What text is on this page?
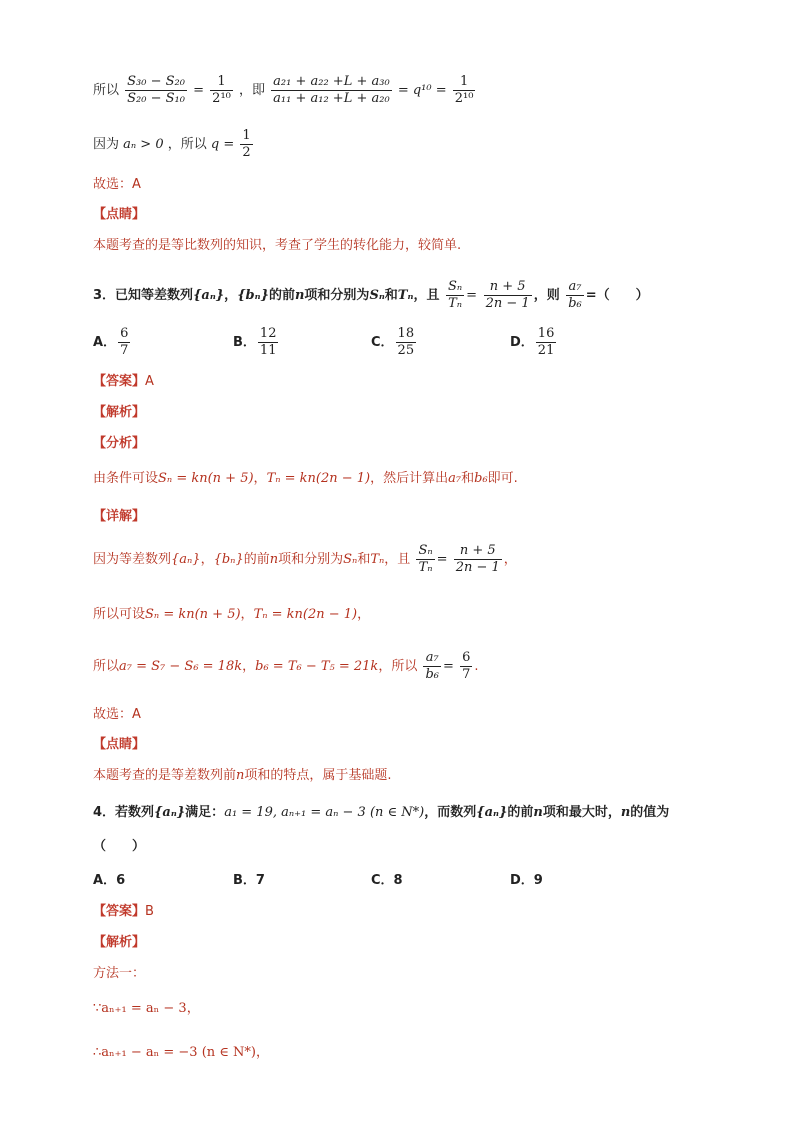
所以 $\frac{\text{S₃₀ − S₂₀}}{\text{S₂₀ − S₁₀}} = \frac{1}{\text{2¹⁰}}$ ，即 $\frac{\text{a₂₁ + a₂₂ +L + a₃₀}}{\text{a₁₁ + a₁₂ +L + a₂₀}} = q^{10} = \frac{1}{\text{2¹⁰}}$
因为 aₙ > 0 ，所以 $q = \frac{1}{2}$
故选：A
【点睛】
本题考查的是等比数列的知识，考查了学生的转化能力，较简单.
3．已知等差数列{aₙ}，{bₙ}的前n项和分别为Sₙ和Tₙ，且 $\frac{\text{Sₙ}}{\text{Tₙ}} = \frac{n + 5}{2n - 1}$ ，则 $\frac{\text{a₇}}{\text{b₆}}$ =（　　）
A． $\frac{6}{7}$	B． $\frac{12}{11}$	C． $\frac{18}{25}$	D． $\frac{16}{21}$
【答案】A
【解析】
【分析】
由条件可设Sₙ = kn(n + 5)，Tₙ = kn(2n − 1)，然后计算出a₇和b₆即可.
【详解】
因为等差数列{aₙ}，{bₙ}的前n项和分别为Sₙ和Tₙ，且 $\frac{\text{Sₙ}}{\text{Tₙ}} = \frac{n + 5}{2n - 1}$ ，
所以可设Sₙ = kn(n + 5)，Tₙ = kn(2n − 1)，
所以a₇ = S₇ − S₆ = 18k，b₆ = T₆ − T₅ = 21k，所以 $\frac{\text{a₇}}{\text{b₆}} = \frac{6}{7}$ .
故选：A
【点睛】
本题考查的是等差数列前n项和的特点，属于基础题.
4．若数列{aₙ}满足：a₁ = 19, aₙ₊₁ = aₙ − 3 (n ∈ N*)，而数列{aₙ}的前n项和最大时，n的值为
（　　）
A．6	B．7	C．8	D．9
【答案】B
【解析】
方法一：
∵aₙ₊₁ = aₙ − 3，
∴aₙ₊₁ − aₙ = −3 (n ∈ N*)，
